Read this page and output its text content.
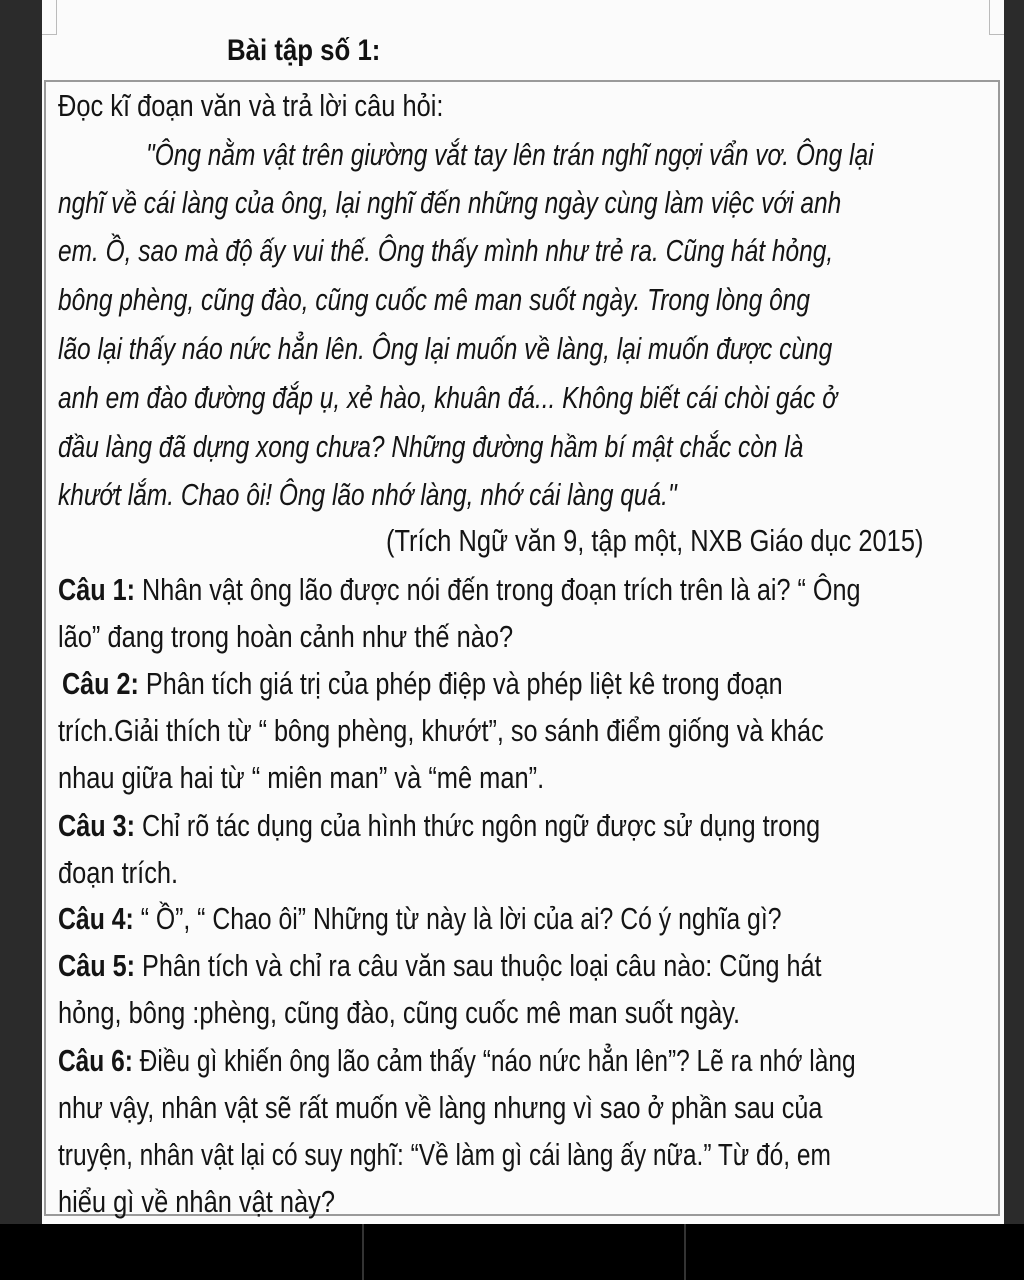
Bài tập số 1:
Đọc kĩ đoạn văn và trả lời câu hỏi:
"Ông nằm vật trên giường vắt tay lên trán nghĩ ngợi vẩn vơ. Ông lại
nghĩ về cái làng của ông, lại nghĩ đến những ngày cùng làm việc với anh
em. Ồ, sao mà độ ấy vui thế. Ông thấy mình như trẻ ra. Cũng hát hỏng,
bông phèng, cũng đào, cũng cuốc mê man suốt ngày. Trong lòng ông
lão lại thấy náo nức hẳn lên. Ông lại muốn về làng, lại muốn được cùng
anh em đào đường đắp ụ, xẻ hào, khuân đá... Không biết cái chòi gác ở
đầu làng đã dựng xong chưa? Những đường hầm bí mật chắc còn là
khướt lắm. Chao ôi! Ông lão nhớ làng, nhớ cái làng quá."
(Trích Ngữ văn 9, tập một, NXB Giáo dục 2015)
Câu 1: Nhân vật ông lão được nói đến trong đoạn trích trên là ai? “ Ông
lão” đang trong hoàn cảnh như thế nào?
Câu 2: Phân tích giá trị của phép điệp và phép liệt kê trong đoạn
trích.Giải thích từ “ bông phèng, khướt”, so sánh điểm giống và khác
nhau giữa hai từ “ miên man” và “mê man”.
Câu 3: Chỉ rõ tác dụng của hình thức ngôn ngữ được sử dụng trong
đoạn trích.
Câu 4: “ Ồ”, “ Chao ôi” Những từ này là lời của ai? Có ý nghĩa gì?
Câu 5: Phân tích và chỉ ra câu văn sau thuộc loại câu nào: Cũng hát
hỏng, bông :phèng, cũng đào, cũng cuốc mê man suốt ngày.
Câu 6: Điều gì khiến ông lão cảm thấy “náo nức hẳn lên”? Lẽ ra nhớ làng
như vậy, nhân vật sẽ rất muốn về làng nhưng vì sao ở phần sau của
truyện, nhân vật lại có suy nghĩ: “Về làm gì cái làng ấy nữa.” Từ đó, em
hiểu gì về nhân vật này?
